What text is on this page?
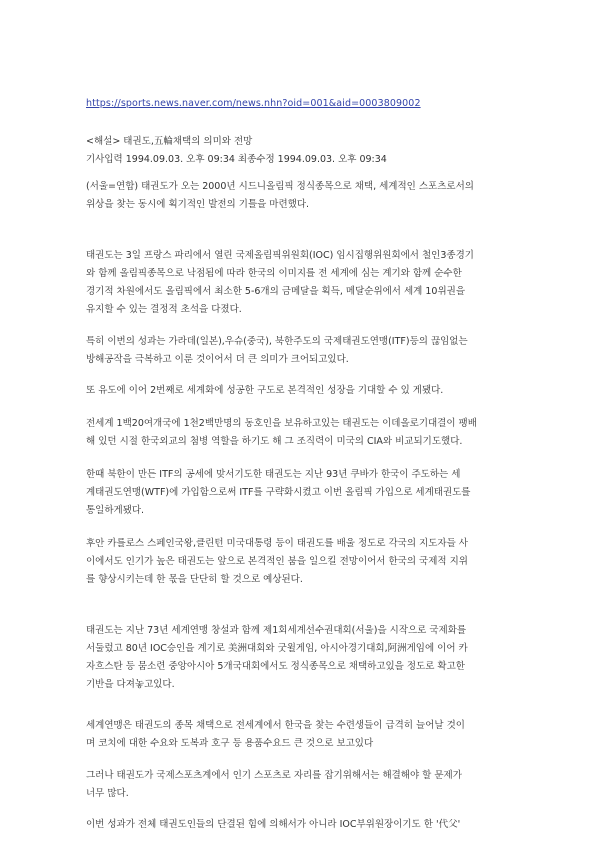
https://sports.news.naver.com/news.nhn?oid=001&aid=0003809002
<해설> 태권도,五輪채택의 의미와 전망
기사입력 1994.09.03. 오후 09:34 최종수정 1994.09.03. 오후 09:34
(서울=연합) 태권도가 오는 2000년 시드니올림픽 정식종목으로 채택, 세계적인 스포츠로서의
위상을 찾는 동시에 획기적인 발전의 기틀을 마련했다.
태권도는 3일 프랑스 파리에서 열린 국제올림픽위원회(IOC) 임시집행위원회에서 철인3종경기
와 함께 올림픽종목으로 낙점됨에 따라 한국의 이미지를 전 세계에 심는 계기와 함께 순수한
경기적 차원에서도 올림픽에서 최소한 5-6개의 금메달을 획득, 메달순위에서 세계 10위권을
유지할 수 있는 결정적 초석을 다졌다.
특히 이번의 성과는 가라데(일본),우슈(중국), 북한주도의 국제태권도연맹(ITF)등의 끊임없는
방해공작을 극복하고 이룬 것이어서 더 큰 의미가 크어되고있다.
또 유도에 이어 2번째로 세계화에 성공한 구도로 본격적인 성장을 기대할 수 있 게됐다.
전세계 1백20여개국에 1천2백만명의 동호인을 보유하고있는 태권도는 이데올로기대결이 팽배
해 있던 시절 한국외교의 첨병 역할을 하기도 해 그 조직력이 미국의 CIA와 비교되기도했다.
한때 북한이 만든 ITF의 공세에 맞서기도한 태권도는 지난 93년 쿠바가 한국이 주도하는 세
계태권도연맹(WTF)에 가입함으로써 ITF를 구략화시켰고 이번 올림픽 가입으로 세계태권도를
통일하게됐다.
후안 카를로스 스페인국왕,클린턴 미국대통령 등이 태권도를 배울 정도로 각국의 지도자들 사
이에서도 인기가 높은 태권도는 앞으로 본격적인 붐을 일으킬 전망이어서 한국의 국제적 지위
를 향상시키는데 한 몫을 단단히 할 것으로 예상된다.
태권도는 지난 73년 세계연맹 창설과 함께 제1회세계선수권대회(서울)을 시작으로 국제화를
서둘렀고 80년 IOC승인을 계기로 美洲대회와 굿윌게임, 아시아경기대회,阿洲게임에 이어 카
자흐스탄 등 뭄소련 중앙아시아 5개국대회에서도 정식종목으로 채택하고있을 정도로 확고한
기반을 다져놓고있다.
세계연맹은 태권도의 종목 채택으로 전세계에서 한국을 찾는 수련생들이 급격히 늘어날 것이
며 코치에 대한 수요와 도복과 호구 등 용품수요드 큰 것으로 보고있다
그러나 태권도가 국제스포츠계에서 인기 스포츠로 자리를 잡기위해서는 해결해야 할 문제가
너무 많다.
이번 성과가 전체 태권도인들의 단결된 힘에 의해서가 아니라 IOC부위원장이기도 한 '代父'
